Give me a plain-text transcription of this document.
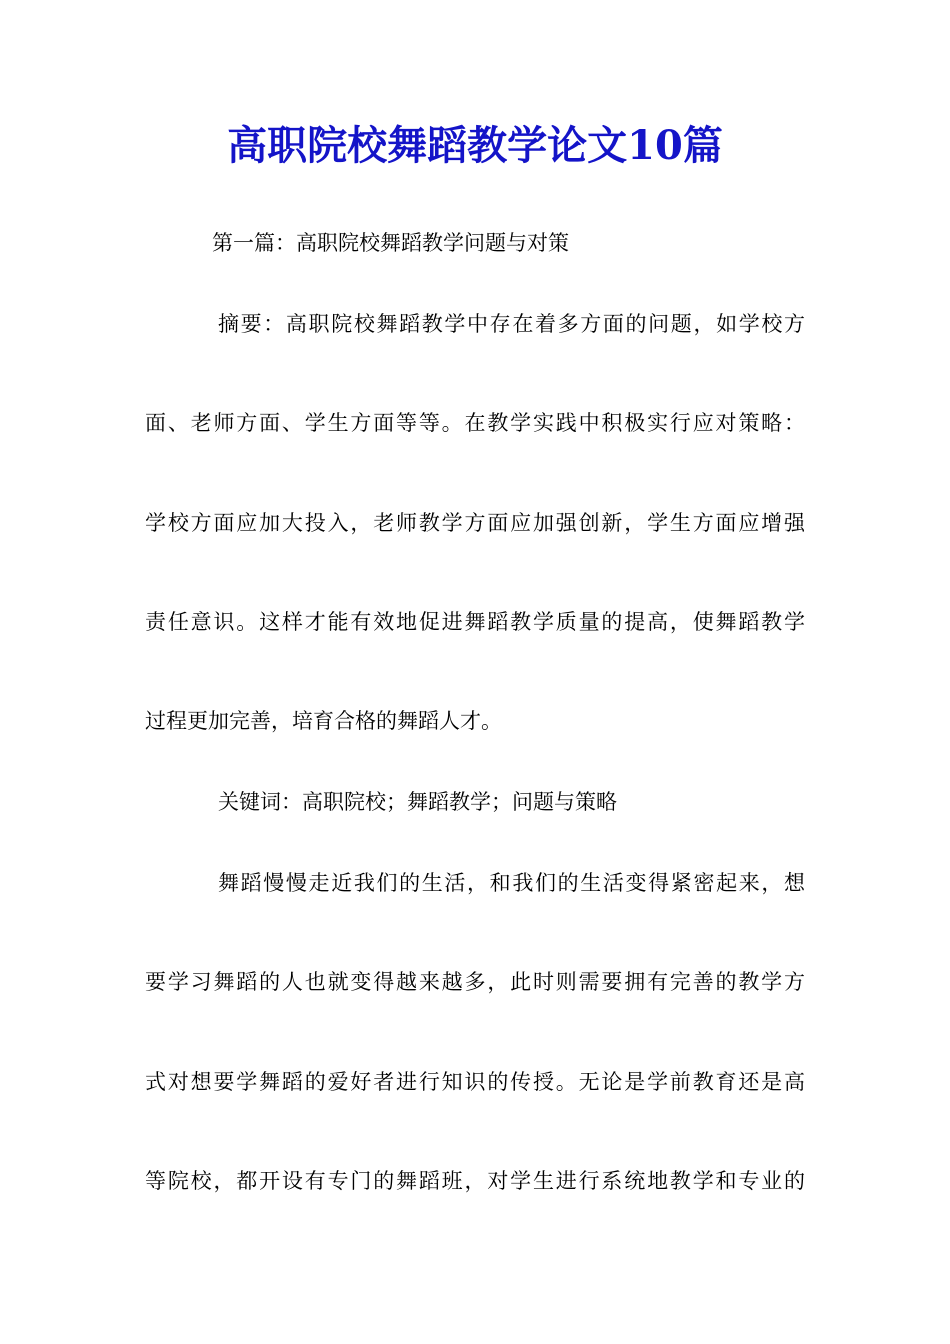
高职院校舞蹈教学论文10篇

第一篇：高职院校舞蹈教学问题与对策

摘要：高职院校舞蹈教学中存在着多方面的问题，如学校方

面、老师方面、学生方面等等。在教学实践中积极实行应对策略：

学校方面应加大投入，老师教学方面应加强创新，学生方面应增强

责任意识。这样才能有效地促进舞蹈教学质量的提高，使舞蹈教学

过程更加完善，培育合格的舞蹈人才。

关键词：高职院校；舞蹈教学；问题与策略

舞蹈慢慢走近我们的生活，和我们的生活变得紧密起来，想

要学习舞蹈的人也就变得越来越多，此时则需要拥有完善的教学方

式对想要学舞蹈的爱好者进行知识的传授。无论是学前教育还是高

等院校，都开设有专门的舞蹈班，对学生进行系统地教学和专业的
